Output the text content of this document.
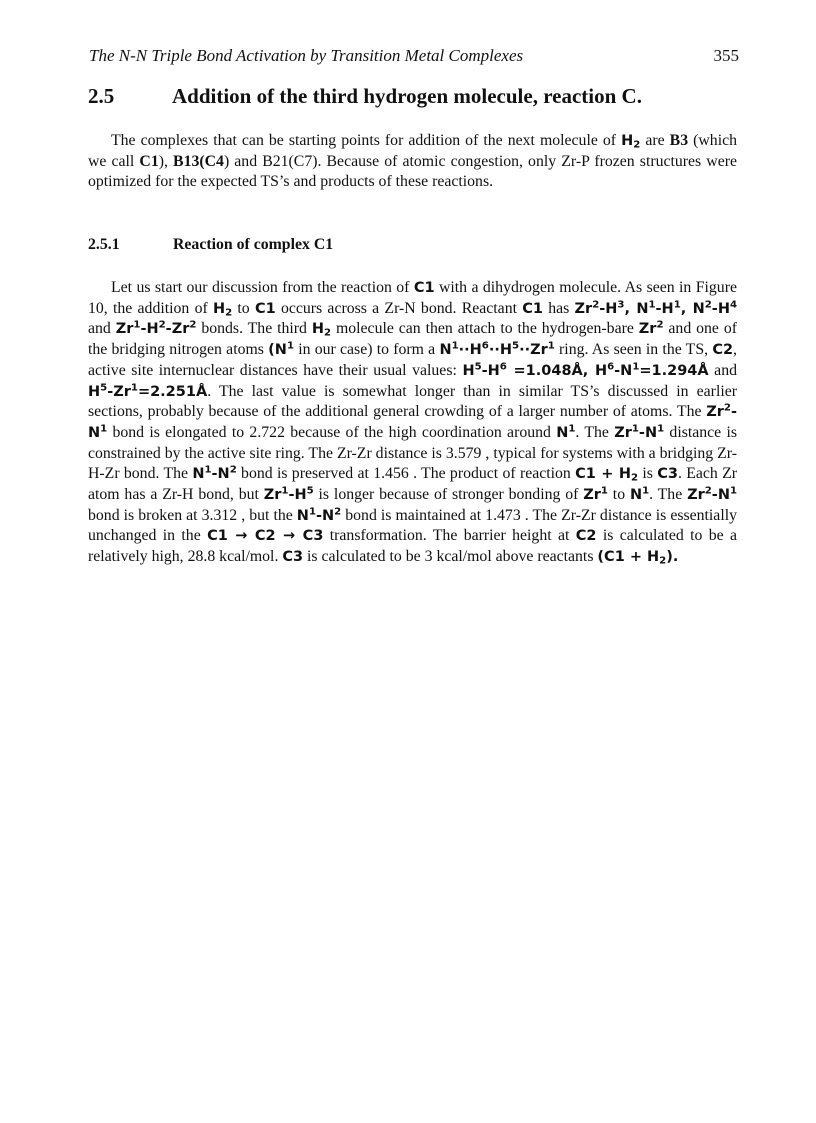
The N-N Triple Bond Activation by Transition Metal Complexes	355
2.5	Addition of the third hydrogen molecule, reaction C.

The complexes that can be starting points for addition of the next molecule of $H_2$ are B3 (which we call C1), B13(C4) and B21(C7). Because of atomic congestion, only Zr-P frozen structures were optimized for the expected TS’s and products of these reactions.

2.5.1	Reaction of complex C1

Let us start our discussion from the reaction of C1 with a dihydrogen molecule. As seen in Figure 10, the addition of $H_2$ to C1 occurs across a Zr-N bond. Reactant C1 has $Zr^2-H^3$, $N^1-H^1$, $N^2-H^4$ and $Zr^1-H^2-Zr^2$ bonds. The third $H_2$ molecule can then attach to the hydrogen-bare Zr$^2$ and one of the bridging nitrogen atoms ($N^1$ in our case) to form a $N^1\cdot\cdot H^6\cdot\cdot H^5\cdot\cdot Zr^1$ ring. As seen in the TS, C2, active site internuclear distances have their usual values: $H^5-H^6$ =1.048Å, $H^6-N^1=1.294Å$ and $H^5-Zr^1=2.251Å$. The last value is somewhat longer than in similar TS’s discussed in earlier sections, probably because of the additional general crowding of a larger number of atoms. The $Zr^2-N^1$ bond is elongated to 2.722 because of the high coordination around $N^1$. The $Zr^1-N^1$ distance is constrained by the active site ring. The Zr-Zr distance is 3.579 , typical for systems with a bridging Zr-H-Zr bond. The $N^1-N^2$ bond is preserved at 1.456 . The product of reaction $C1 + H_2$ is C3. Each Zr atom has a Zr-H bond, but $Zr^1-H^5$ is longer because of stronger bonding of Zr$^1$ to $N^1$. The $Zr^2-N^1$ bond is broken at 3.312 , but the $N^1-N^2$ bond is maintained at 1.473 . The Zr-Zr distance is essentially unchanged in the C1 → C2 → C3 transformation. The barrier height at C2 is calculated to be a relatively high, 28.8 kcal/mol. C3 is calculated to be 3 kcal/mol above reactants $(C1 + H_2)$.
